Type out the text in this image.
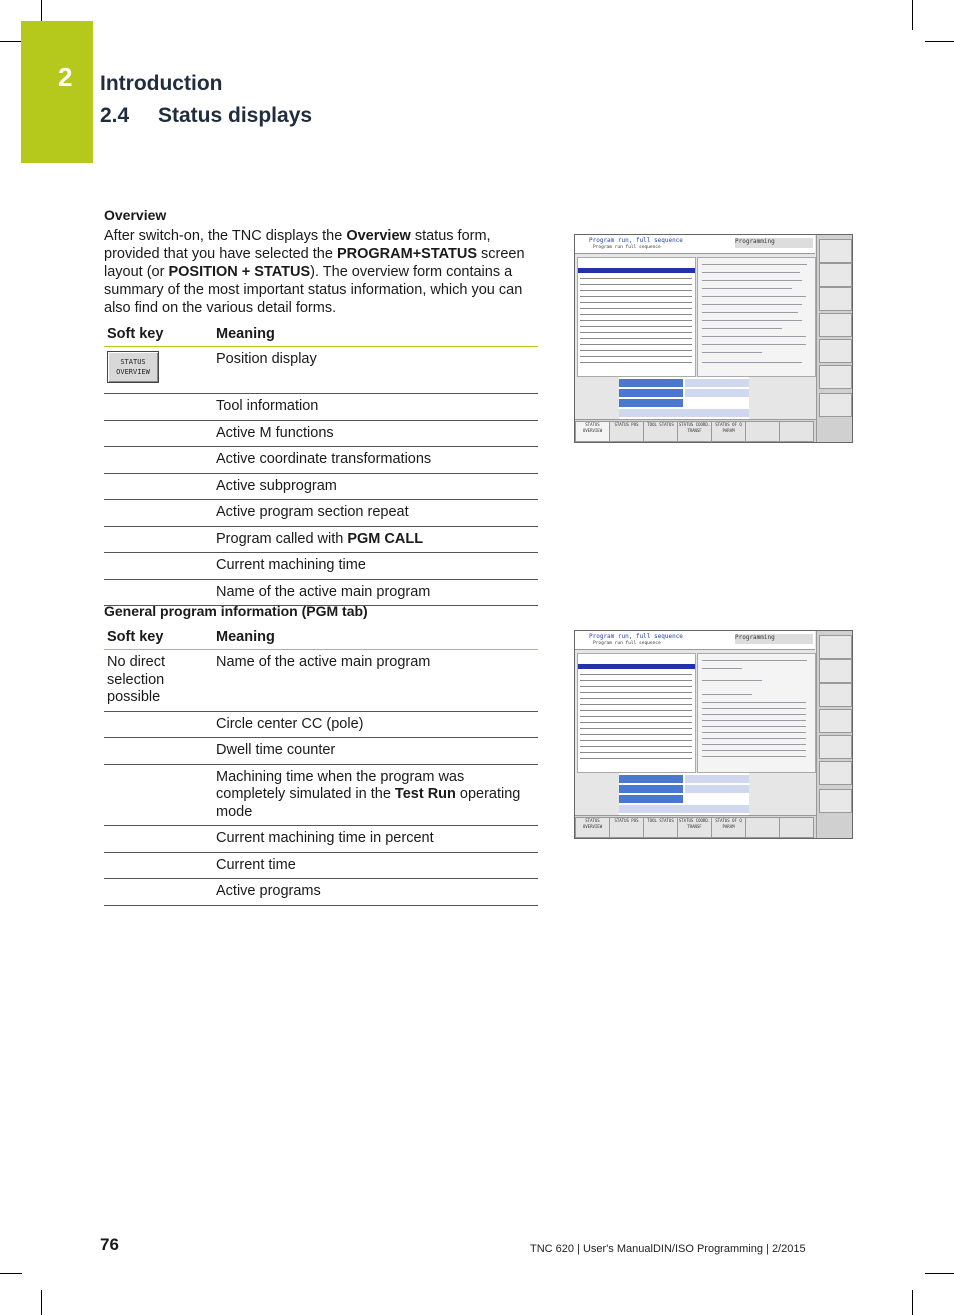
2 Introduction
2.4 Status displays
Overview
After switch-on, the TNC displays the Overview status form, provided that you have selected the PROGRAM+STATUS screen layout (or POSITION + STATUS). The overview form contains a summary of the most important status information, which you can also find on the various detail forms.
Soft key	Meaning

STATUS
OVERVIEW	Position display
	Tool information
	Active M functions
	Active coordinate transformations
	Active subprogram
	Active program section repeat
	Program called with PGM CALL
	Current machining time
	Name of the active main program
General program information (PGM tab)
Soft key	Meaning
No direct selection possible	Name of the active main program
	Circle center CC (pole)
	Dwell time counter
	Machining time when the program was completely simulated in the Test Run operating mode
	Current machining time in percent
	Current time
	Active programs
Program run, full sequence
Program run full sequence
Programming
STATUS OVERVIEW
STATUS POS	TOOL STATUS	STATUS COORD. TRANSF
STATUS OF Q PARAM
Program run, full sequence
Program run full sequence
Programming
STATUS OVERVIEW
STATUS POS	TOOL STATUS	STATUS COORD. TRANSF
STATUS OF Q PARAM
76	TNC 620 | User's ManualDIN/ISO Programming | 2/2015
